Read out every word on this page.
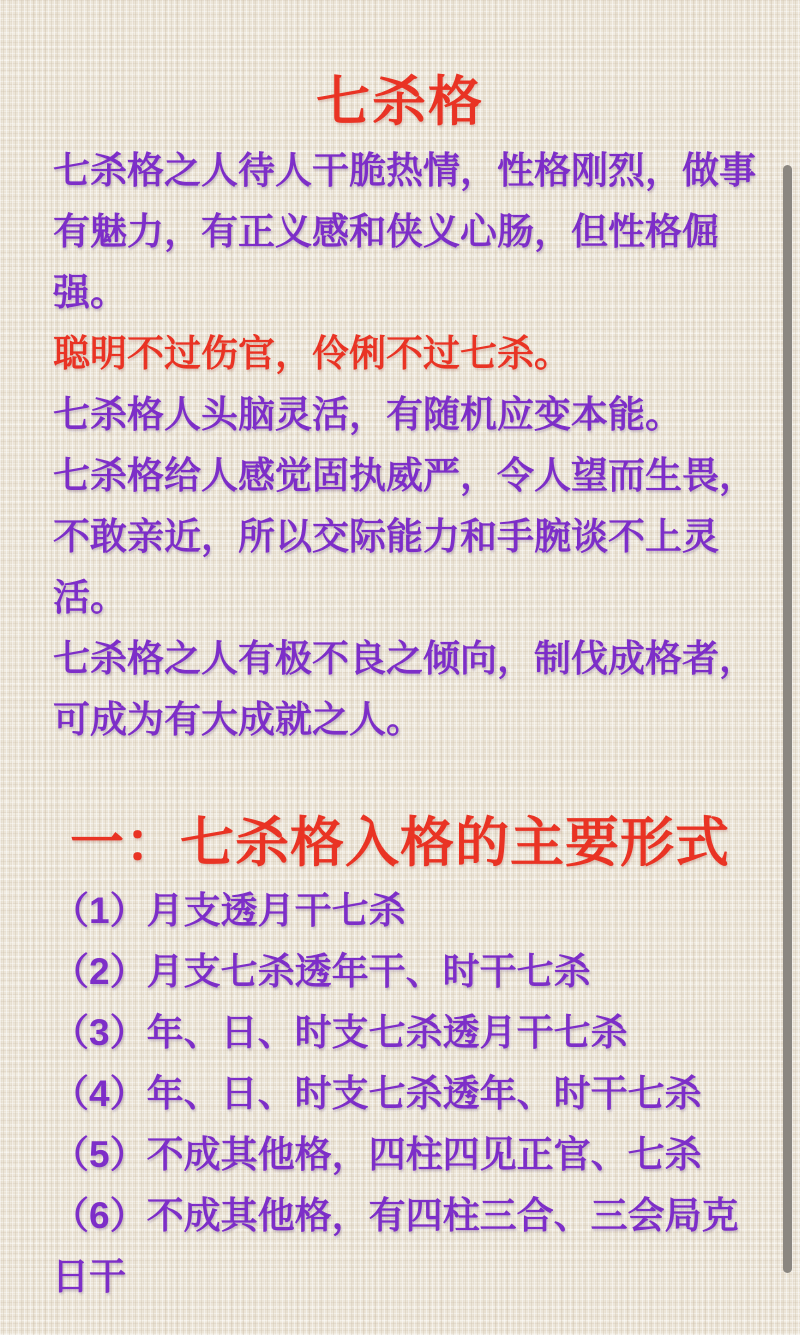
七杀格

七杀格之人待人干脆热情，性格刚烈，做事有魅力，有正义感和侠义心肠，但性格倔强。

聪明不过伤官，伶俐不过七杀。

七杀格人头脑灵活，有随机应变本能。

七杀格给人感觉固执威严，令人望而生畏，不敢亲近，所以交际能力和手腕谈不上灵活。

七杀格之人有极不良之倾向，制伐成格者，可成为有大成就之人。

一：七杀格入格的主要形式

（1）月支透月干七杀

（2）月支七杀透年干、时干七杀

（3）年、日、时支七杀透月干七杀

（4）年、日、时支七杀透年、时干七杀

（5）不成其他格，四柱四见正官、七杀

（6）不成其他格，有四柱三合、三会局克日干
